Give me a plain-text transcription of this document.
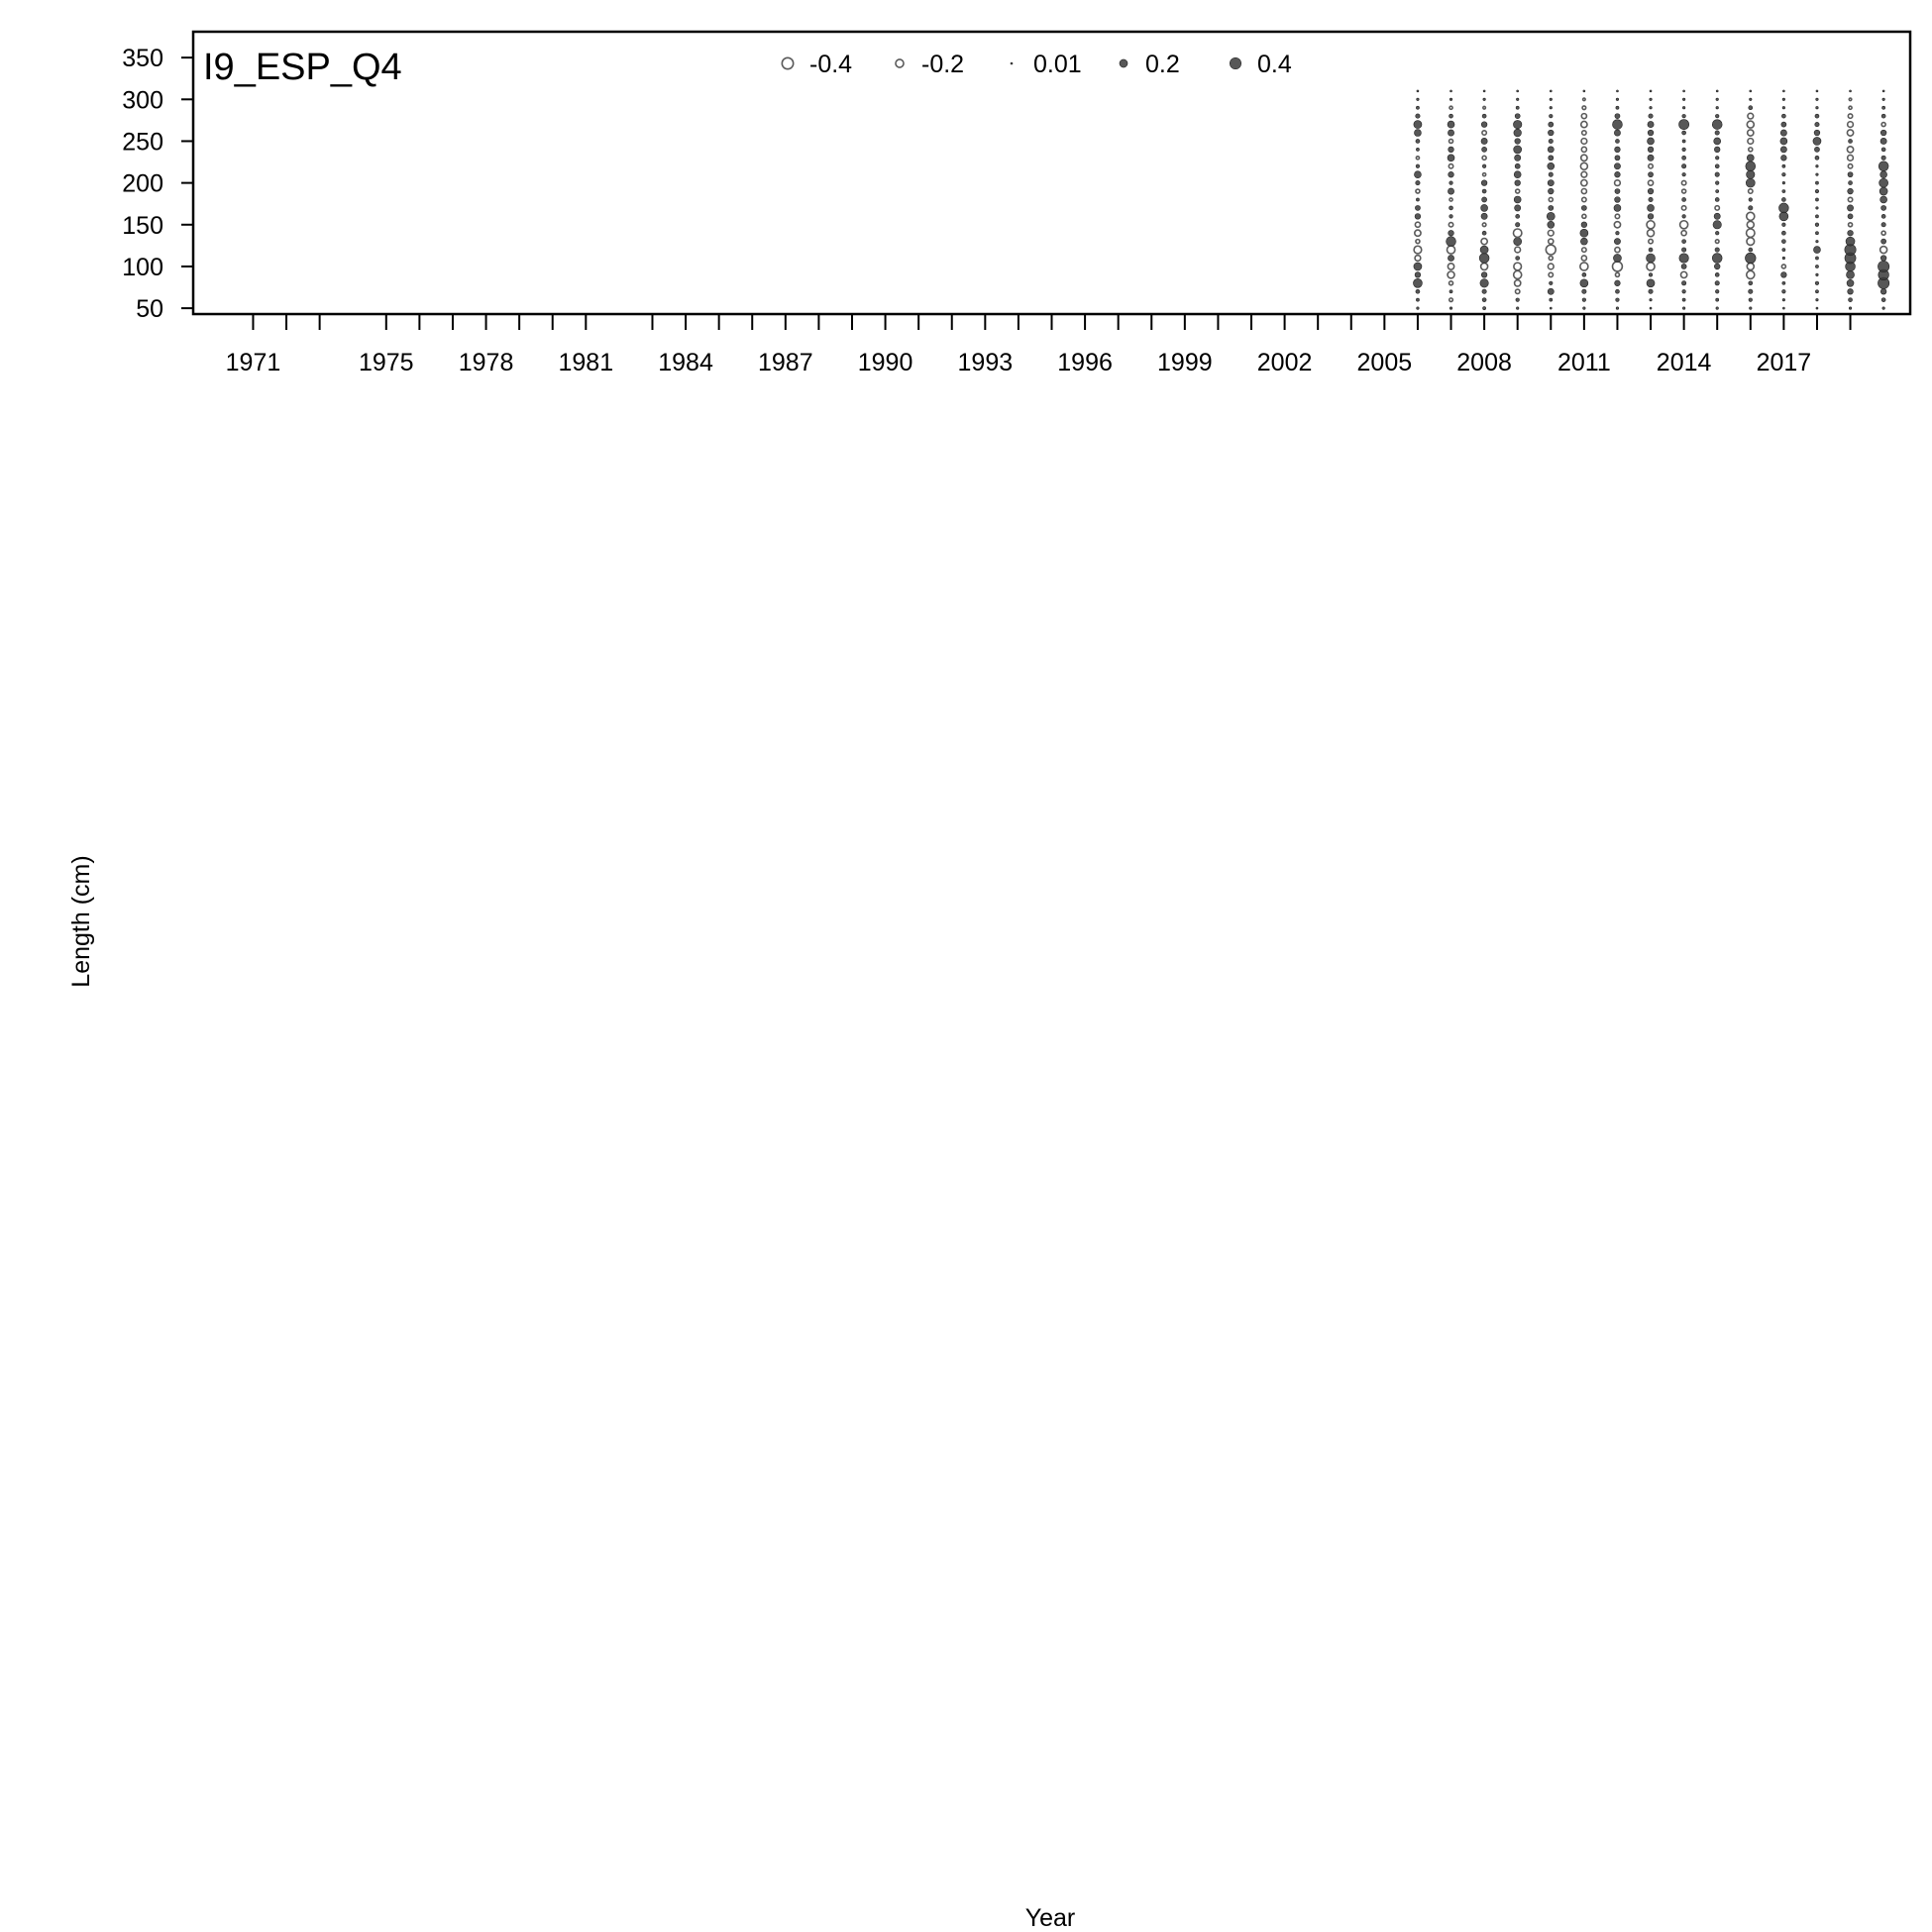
50
100
150
200
250
300
350
1971	1975 1978 1981 1984 1987 1990 1993 1996 1999 2002 2005 2008 2011 2014 2017
-0.4	-0.2	0.01	0.2	0.4
I9_ESP_Q4
Year
Length (cm)
